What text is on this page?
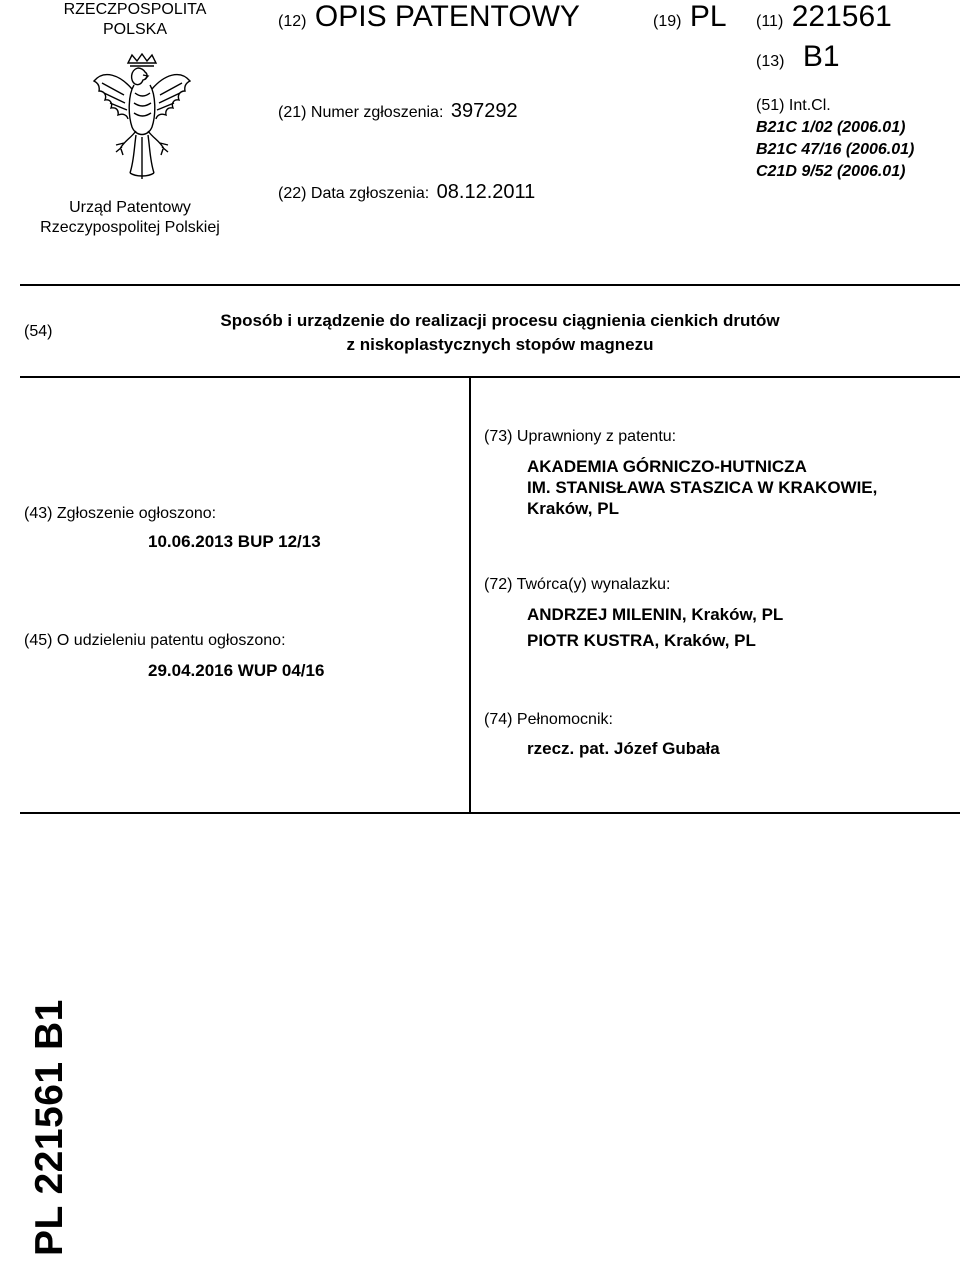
RZECZPOSPOLITA
POLSKA
Urząd Patentowy
Rzeczypospolitej Polskiej
(12) OPIS PATENTOWY	(19) PL (11) 221561
(13) B1
(21) Numer zgłoszenia: 397292
(22) Data zgłoszenia: 08.12.2011
(51) Int.Cl.
B21C 1/02 (2006.01)
B21C 47/16 (2006.01)
C21D 9/52 (2006.01)
(54)
Sposób i urządzenie do realizacji procesu ciągnienia cienkich drutów
z niskoplastycznych stopów magnezu
(43) Zgłoszenie ogłoszono:
10.06.2013 BUP 12/13
(45) O udzieleniu patentu ogłoszono:
29.04.2016 WUP 04/16
(73) Uprawniony z patentu:
AKADEMIA GÓRNICZO-HUTNICZA
IM. STANISŁAWA STASZICA W KRAKOWIE,
Kraków, PL
(72) Twórca(y) wynalazku:
ANDRZEJ MILENIN, Kraków, PL
PIOTR KUSTRA, Kraków, PL
(74) Pełnomocnik:
rzecz. pat. Józef Gubała
PL 221561 B1
